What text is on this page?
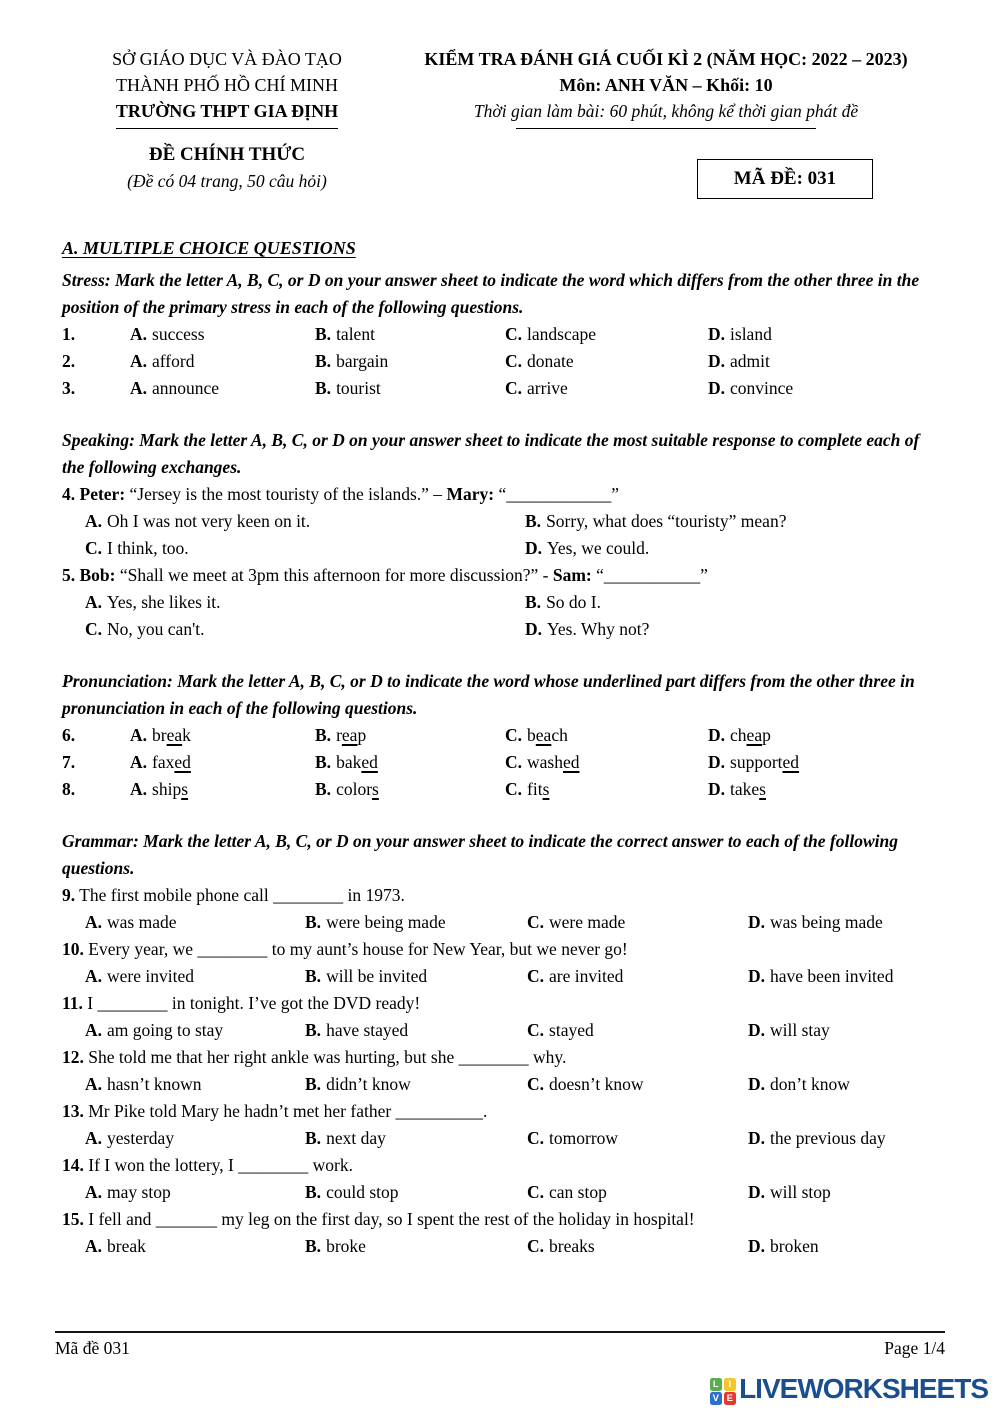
SỞ GIÁO DỤC VÀ ĐÀO TẠO
THÀNH PHỐ HỒ CHÍ MINH
TRƯỜNG THPT GIA ĐỊNH
KIỂM TRA ĐÁNH GIÁ CUỐI KÌ 2 (NĂM HỌC: 2022 – 2023)
Môn: ANH VĂN – Khối: 10
Thời gian làm bài: 60 phút, không kể thời gian phát đề
ĐỀ CHÍNH THỨC
(Đề có 04 trang, 50 câu hỏi)	MÃ ĐỀ: 031
A. MULTIPLE CHOICE QUESTIONS
Stress: Mark the letter A, B, C, or D on your answer sheet to indicate the word which differs from the other three in the position of the primary stress in each of the following questions.
1.	A. success	B. talent	C. landscape	D. island
2.	A. afford	B. bargain	C. donate	D. admit
3.	A. announce	B. tourist	C. arrive	D. convince
Speaking: Mark the letter A, B, C, or D on your answer sheet to indicate the most suitable response to complete each of the following exchanges.
4. Peter: “Jersey is the most touristy of the islands.” – Mary: “____________”
A. Oh I was not very keen on it.	B. Sorry, what does “touristy” mean?
C. I think, too.	D. Yes, we could.
5. Bob: “Shall we meet at 3pm this afternoon for more discussion?” - Sam: “___________”
A. Yes, she likes it.	B. So do I.
C. No, you can't.	D. Yes. Why not?
Pronunciation: Mark the letter A, B, C, or D to indicate the word whose underlined part differs from the other three in pronunciation in each of the following questions.
6.	A. break	B. reap	C. beach	D. cheap
7.	A. faxed	B. baked	C. washed	D. supported
8.	A. ships	B. colors	C. fits	D. takes
Grammar: Mark the letter A, B, C, or D on your answer sheet to indicate the correct answer to each of the following questions.
9. The first mobile phone call ________ in 1973.
A. was made	B. were being made	C. were made	D. was being made
10. Every year, we ________ to my aunt’s house for New Year, but we never go!
A. were invited	B. will be invited	C. are invited	D. have been invited
11. I ________ in tonight. I’ve got the DVD ready!
A. am going to stay	B. have stayed	C. stayed	D. will stay
12. She told me that her right ankle was hurting, but she ________ why.
A. hasn’t known	B. didn’t know	C. doesn’t know	D. don’t know
13. Mr Pike told Mary he hadn’t met her father __________.
A. yesterday	B. next day	C. tomorrow	D. the previous day
14. If I won the lottery, I ________ work.
A. may stop	B. could stop	C. can stop	D. will stop
15. I fell and _______ my leg on the first day, so I spent the rest of the holiday in hospital!
A. break	B. broke	C. breaks	D. broken
Mã đề 031	Page 1/4
L	I
V E LIVEWORKSHEETS
